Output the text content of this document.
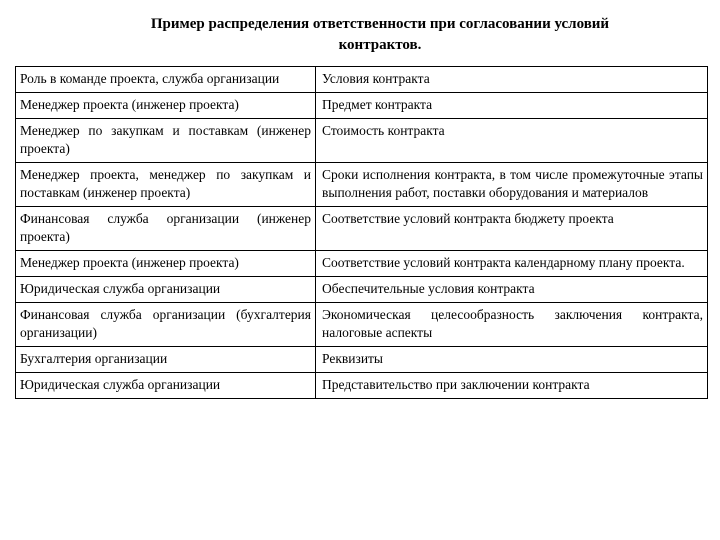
Пример распределения ответственности при согласовании условий
контрактов.
Роль в команде проекта, служба организации	Условия контракта
Менеджер проекта (инженер проекта)	Предмет контракта
Менеджер по закупкам и поставкам (инженер проекта)	Стоимость контракта
Менеджер проекта, менеджер по закупкам и поставкам (инженер проекта)	Сроки исполнения контракта, в том числе промежуточные этапы выполнения работ, поставки оборудования и материалов
Финансовая служба организации (инженер проекта)	Соответствие условий контракта бюджету проекта
Менеджер проекта (инженер проекта)	Соответствие условий контракта календарному плану проекта.
Юридическая служба организации	Обеспечительные условия контракта
Финансовая служба организации (бухгалтерия организации)	Экономическая целесообразность заключения контракта, налоговые аспекты
Бухгалтерия организации	Реквизиты
Юридическая служба организации	Представительство при заключении контракта
